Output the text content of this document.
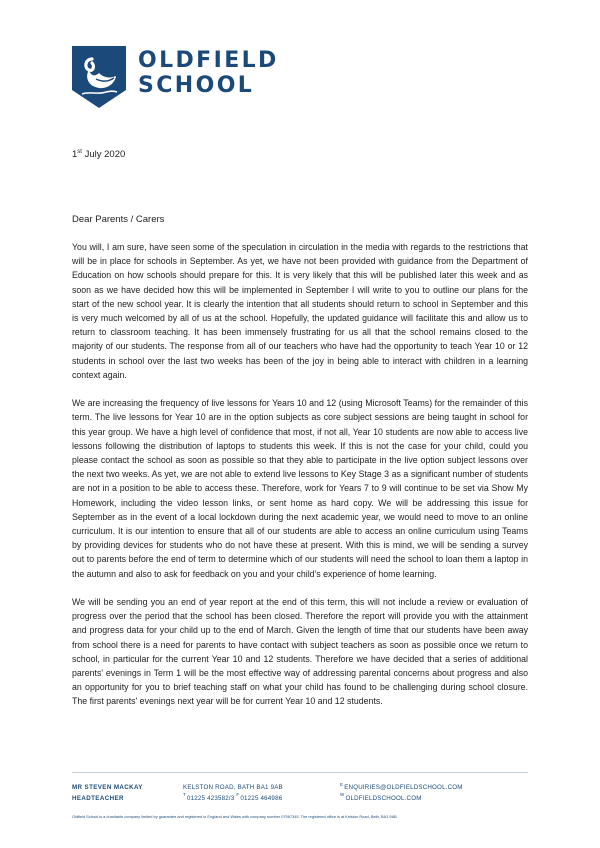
OLDFIELD
SCHOOL
1st July 2020
Dear Parents / Carers

You will, I am sure, have seen some of the speculation in circulation in the media with regards to the restrictions that will be in place for schools in September. As yet, we have not been provided with guidance from the Department of Education on how schools should prepare for this. It is very likely that this will be published later this week and as soon as we have decided how this will be implemented in September I will write to you to outline our plans for the start of the new school year. It is clearly the intention that all students should return to school in September and this is very much welcomed by all of us at the school. Hopefully, the updated guidance will facilitate this and allow us to return to classroom teaching. It has been immensely frustrating for us all that the school remains closed to the majority of our students. The response from all of our teachers who have had the opportunity to teach Year 10 or 12 students in school over the last two weeks has been of the joy in being able to interact with children in a learning context again.

We are increasing the frequency of live lessons for Years 10 and 12 (using Microsoft Teams) for the remainder of this term. The live lessons for Year 10 are in the option subjects as core subject sessions are being taught in school for this year group. We have a high level of confidence that most, if not all, Year 10 students are now able to access live lessons following the distribution of laptops to students this week. If this is not the case for your child, could you please contact the school as soon as possible so that they able to participate in the live option subject lessons over the next two weeks. As yet, we are not able to extend live lessons to Key Stage 3 as a significant number of students are not in a position to be able to access these. Therefore, work for Years 7 to 9 will continue to be set via Show My Homework, including the video lesson links, or sent home as hard copy. We will be addressing this issue for September as in the event of a local lockdown during the next academic year, we would need to move to an online curriculum. It is our intention to ensure that all of our students are able to access an online curriculum using Teams by providing devices for students who do not have these at present. With this is mind, we will be sending a survey out to parents before the end of term to determine which of our students will need the school to loan them a laptop in the autumn and also to ask for feedback on you and your child's experience of home learning.

We will be sending you an end of year report at the end of this term, this will not include a review or evaluation of progress over the period that the school has been closed. Therefore the report will provide you with the attainment and progress data for your child up to the end of March. Given the length of time that our students have been away from school there is a need for parents to have contact with subject teachers as soon as possible once we return to school, in particular for the current Year 10 and 12 students. Therefore we have decided that a series of additional parents' evenings in Term 1 will be the most effective way of addressing parental concerns about progress and also an opportunity for you to brief teaching staff on what your child has found to be challenging during school closure. The first parents' evenings next year will be for current Year 10 and 12 students.

MR STEVEN MACKAY
HEADTEACHER
KELSTON ROAD, BATH BA1 9AB
$^T$01225 423582/3 $^F$01225 464986
$^E$ENQUIRIES@OLDFIELDSCHOOL.COM
$^W$OLDFIELDSCHOOL.COM
Oldfield School is a charitable company limited by guarantee and registered in England and Wales with company number 07567345. The registered office is at Kelston Road, Bath, BA1 9AB
